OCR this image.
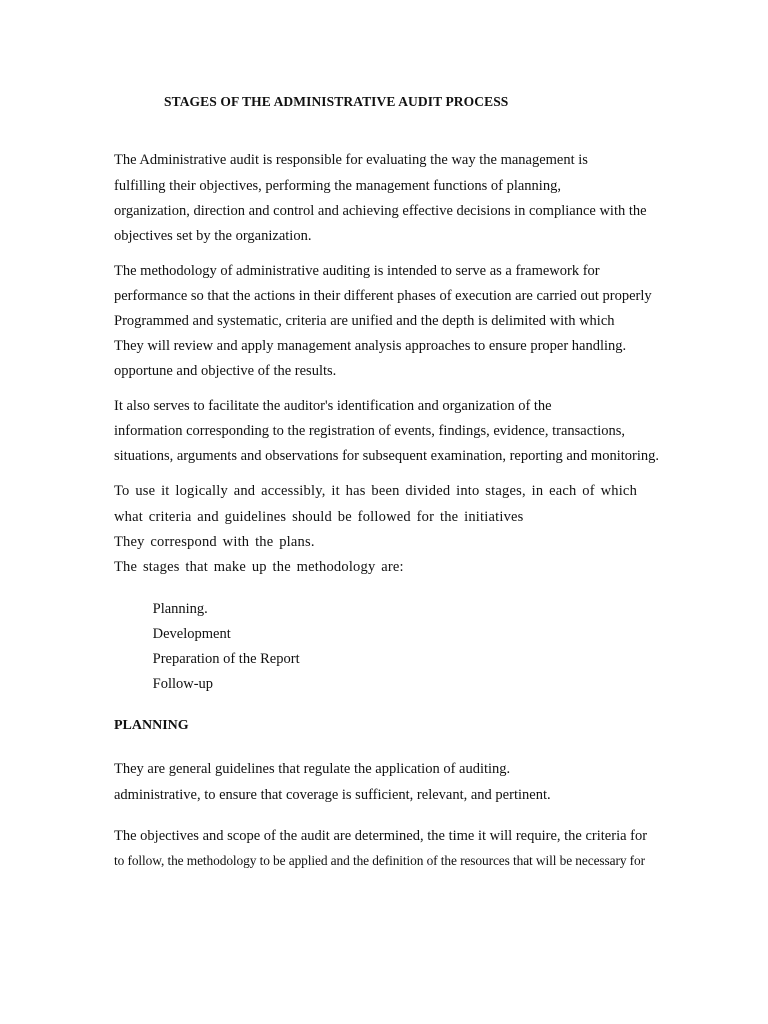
STAGES OF THE ADMINISTRATIVE AUDIT PROCESS
The Administrative audit is responsible for evaluating the way the management is
fulfilling their objectives, performing the management functions of planning,
organization, direction and control and achieving effective decisions in compliance with the
objectives set by the organization.
The methodology of administrative auditing is intended to serve as a framework for
performance so that the actions in their different phases of execution are carried out properly
Programmed and systematic, criteria are unified and the depth is delimited with which
They will review and apply management analysis approaches to ensure proper handling.
opportune and objective of the results.
It also serves to facilitate the auditor's identification and organization of the
information corresponding to the registration of events, findings, evidence, transactions,
situations, arguments and observations for subsequent examination, reporting and monitoring.
To use it logically and accessibly, it has been divided into stages, in each of which
what criteria and guidelines should be followed for the initiatives
They correspond with the plans.
The stages that make up the methodology are:
Planning.
Development
Preparation of the Report
Follow-up
PLANNING
They are general guidelines that regulate the application of auditing.
administrative, to ensure that coverage is sufficient, relevant, and pertinent.
The objectives and scope of the audit are determined, the time it will require, the criteria for
to follow, the methodology to be applied and the definition of the resources that will be necessary for
